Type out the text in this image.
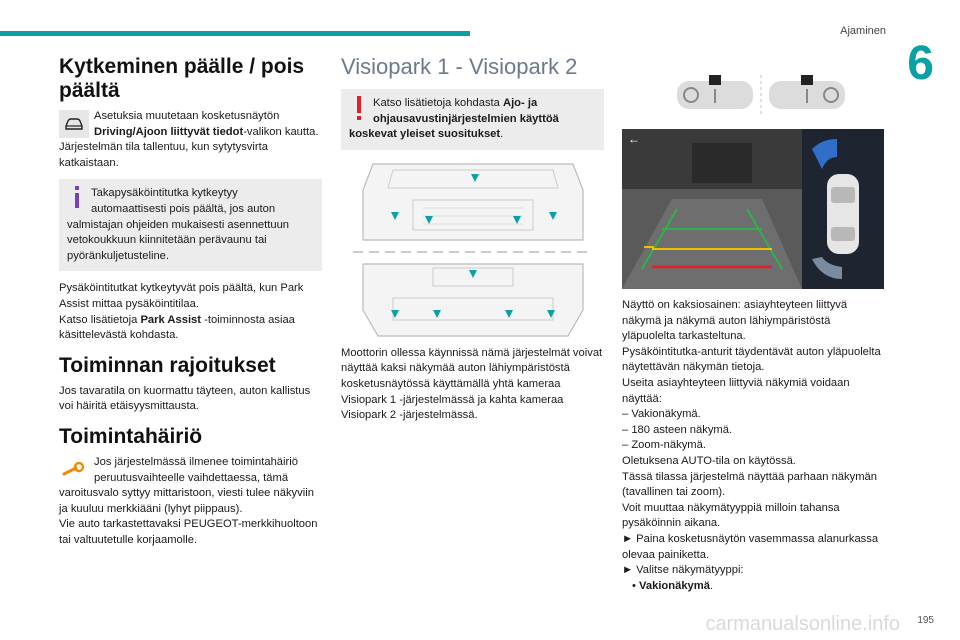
Ajaminen
6
Kytkeminen päälle / pois päältä

Asetuksia muutetaan kosketusnäytön Driving/Ajoon liittyvät tiedot-valikon kautta.

Järjestelmän tila tallentuu, kun sytytysvirta katkaistaan.

Takapysäköintitutka kytkeytyy automaattisesti pois päältä, jos auton valmistajan ohjeiden mukaisesti asennettuun vetokoukkuun kiinnitetään perävaunu tai pyöränkuljetusteline.

Pysäköintitutkat kytkeytyvät pois päältä, kun Park Assist mittaa pysäköintitilaa.

Katso lisätietoja Park Assist -toiminnosta asiaa käsittelevästä kohdasta.

Toiminnan rajoitukset

Jos tavaratila on kuormattu täyteen, auton kallistus voi häiritä etäisyysmittausta.

Toimintahäiriö

Jos järjestelmässä ilmenee toimintahäiriö peruutusvaihteelle vaihdettaessa, tämä varoitusvalo syttyy mittaristoon, viesti tulee näkyviin ja kuuluu merkkiääni (lyhyt piippaus).

Vie auto tarkastettavaksi PEUGEOT-merkkihuoltoon tai valtuutetulle korjaamolle.

Visiopark 1 - Visiopark 2

Katso lisätietoja kohdasta Ajo- ja ohjausavustinjärjestelmien käyttöä koskevat yleiset suositukset.

Moottorin ollessa käynnissä nämä järjestelmät voivat näyttää kaksi näkymää auton lähiympäristöstä kosketusnäytössä käyttämällä yhtä kameraa Visiopark 1 -järjestelmässä ja kahta kameraa Visiopark 2 -järjestelmässä.

←

Näyttö on kaksiosainen: asiayhteyteen liittyvä näkymä ja näkymä auton lähiympäristöstä yläpuolelta tarkasteltuna.

Pysäköintitutka-anturit täydentävät auton yläpuolelta näytettävän näkymän tietoja.

Useita asiayhteyteen liittyviä näkymiä voidaan näyttää:

– Vakionäkymä.

– 180 asteen näkymä.

– Zoom-näkymä.

Oletuksena AUTO-tila on käytössä.

Tässä tilassa järjestelmä näyttää parhaan näkymän (tavallinen tai zoom).

Voit muuttaa näkymätyyppiä milloin tahansa pysäköinnin aikana.

► Paina kosketusnäytön vasemmassa alanurkassa olevaa painiketta.

► Valitse näkymätyyppi:

• Vakionäkymä.

carmanualsonline.info 195
